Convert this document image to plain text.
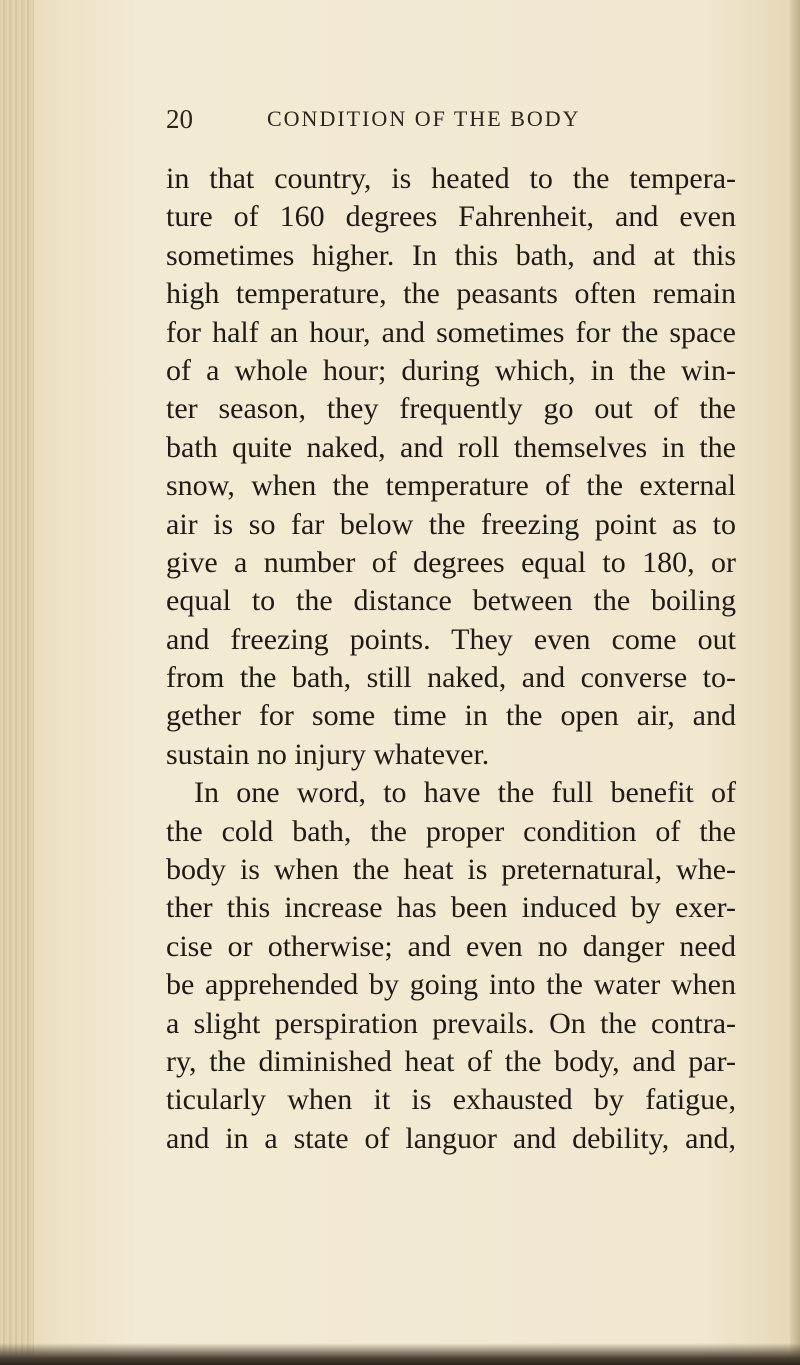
20	CONDITION OF THE BODY
in that country, is heated to the tempera-
ture of 160 degrees Fahrenheit, and even
sometimes higher. In this bath, and at this
high temperature, the peasants often remain
for half an hour, and sometimes for the space
of a whole hour; during which, in the win-
ter season, they frequently go out of the
bath quite naked, and roll themselves in the
snow, when the temperature of the external
air is so far below the freezing point as to
give a number of degrees equal to 180, or
equal to the distance between the boiling
and freezing points. They even come out
from the bath, still naked, and converse to-
gether for some time in the open air, and
sustain no injury whatever.
In one word, to have the full benefit of
the cold bath, the proper condition of the
body is when the heat is preternatural, whe-
ther this increase has been induced by exer-
cise or otherwise; and even no danger need
be apprehended by going into the water when
a slight perspiration prevails. On the contra-
ry, the diminished heat of the body, and par-
ticularly when it is exhausted by fatigue,
and in a state of languor and debility, and,
